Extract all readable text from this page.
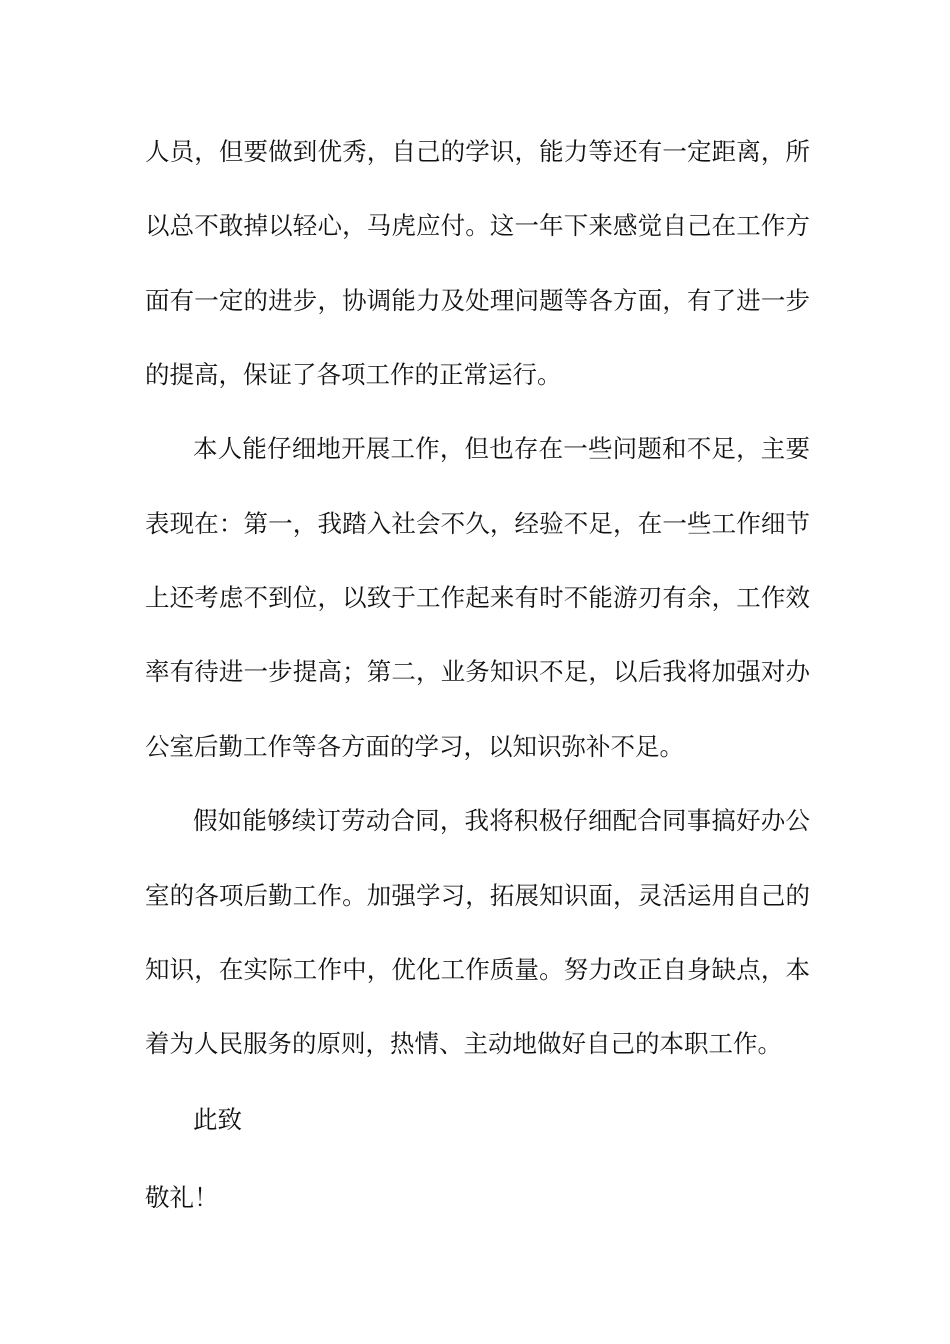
人员，但要做到优秀，自己的学识，能力等还有一定距离，所
以总不敢掉以轻心，马虎应付。这一年下来感觉自己在工作方
面有一定的进步，协调能力及处理问题等各方面，有了进一步
的提高，保证了各项工作的正常运行。
本人能仔细地开展工作，但也存在一些问题和不足，主要
表现在：第一，我踏入社会不久，经验不足，在一些工作细节
上还考虑不到位，以致于工作起来有时不能游刃有余，工作效
率有待进一步提高；第二，业务知识不足，以后我将加强对办
公室后勤工作等各方面的学习，以知识弥补不足。
假如能够续订劳动合同，我将积极仔细配合同事搞好办公
室的各项后勤工作。加强学习，拓展知识面，灵活运用自己的
知识，在实际工作中，优化工作质量。努力改正自身缺点，本
着为人民服务的原则，热情、主动地做好自己的本职工作。
此致
敬礼！
